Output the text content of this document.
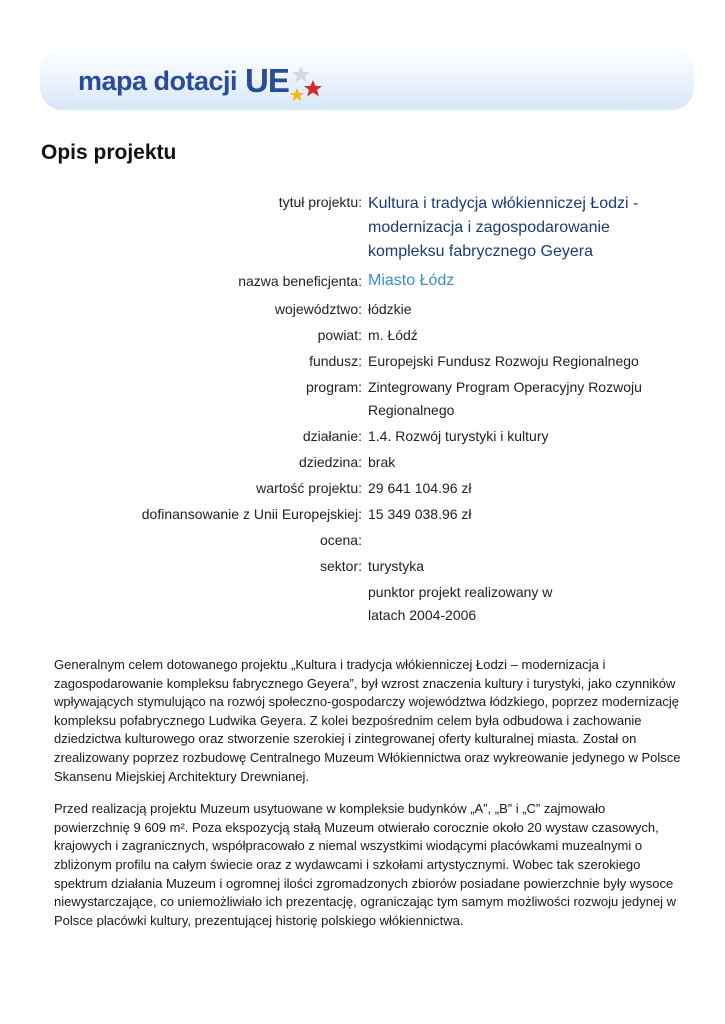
mapa dotacji UE
Opis projektu
tytuł projektu: Kultura i tradycja włókienniczej Łodzi - modernizacja i zagospodarowanie kompleksu fabrycznego Geyera
nazwa beneficjenta: Miasto Łódz
województwo: łódzkie
powiat: m. Łódź
fundusz: Europejski Fundusz Rozwoju Regionalnego
program: Zintegrowany Program Operacyjny Rozwoju Regionalnego
działanie: 1.4. Rozwój turystyki i kultury
dziedzina: brak
wartość projektu: 29 641 104.96 zł
dofinansowanie z Unii Europejskiej: 15 349 038.96 zł
ocena:
sektor: turystyka
punktor projekt realizowany w latach 2004-2006

Generalnym celem dotowanego projektu „Kultura i tradycja włókienniczej Łodzi – modernizacja i zagospodarowanie kompleksu fabrycznego Geyera”, był wzrost znaczenia kultury i turystyki, jako czynników wpływających stymulująco na rozwój społeczno-gospodarczy województwa łódzkiego, poprzez modernizację kompleksu pofabrycznego Ludwika Geyera. Z kolei bezpośrednim celem była odbudowa i zachowanie dziedzictwa kulturowego oraz stworzenie szerokiej i zintegrowanej oferty kulturalnej miasta. Został on zrealizowany poprzez rozbudowę Centralnego Muzeum Włókiennictwa oraz wykreowanie jedynego w Polsce Skansenu Miejskiej Architektury Drewnianej.

Przed realizacją projektu Muzeum usytuowane w kompleksie budynków „A”, „B” i „C” zajmowało powierzchnię 9 609 m². Poza ekspozycją stałą Muzeum otwierało corocznie około 20 wystaw czasowych, krajowych i zagranicznych, współpracowało z niemal wszystkimi wiodącymi placówkami muzealnymi o zbliżonym profilu na całym świecie oraz z wydawcami i szkołami artystycznymi. Wobec tak szerokiego spektrum działania Muzeum i ogromnej ilości zgromadzonych zbiorów posiadane powierzchnie były wysoce niewystarczające, co uniemożliwiało ich prezentację, ograniczając tym samym możliwości rozwoju jedynej w Polsce placówki kultury, prezentującej historię polskiego włókiennictwa.
